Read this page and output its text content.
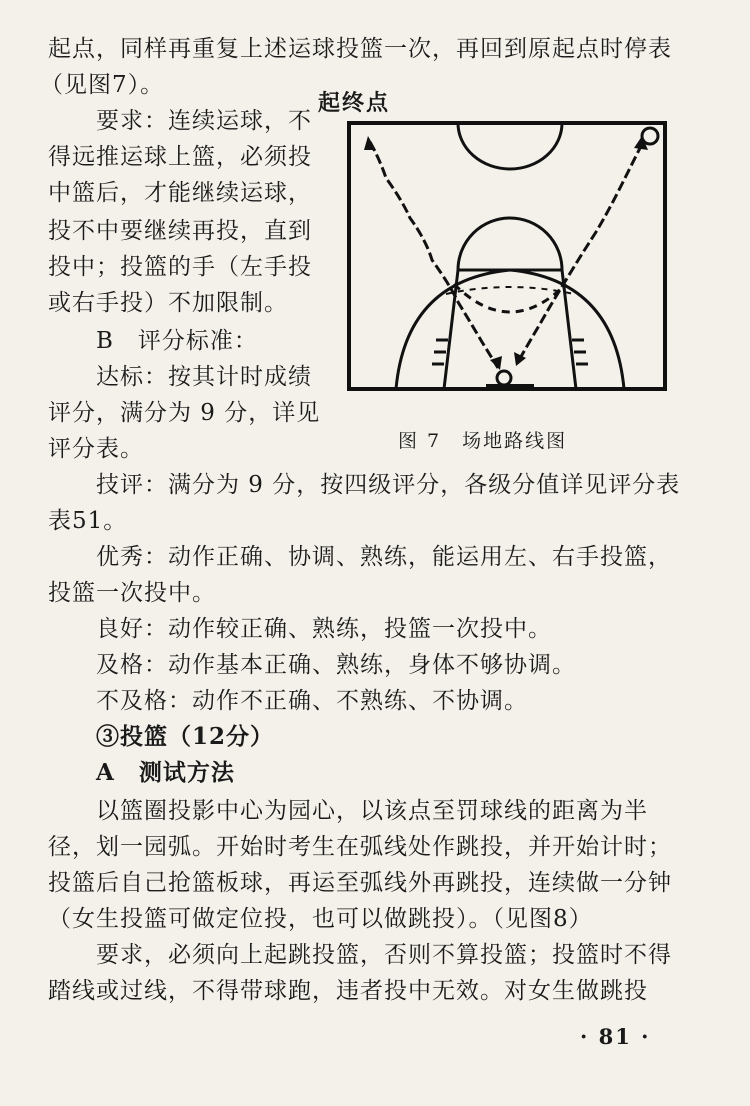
起点，同样再重复上述运球投篮一次，再回到原起点时停表
（见图7）。
起终点
要求：连续运球，不
得远推运球上篮，必须投
中篮后，才能继续运球，
投不中要继续再投，直到
投中；投篮的手（左手投
或右手投）不加限制。
B　评分标准：
达标：按其计时成绩
评分，满分为 9 分，详见
评分表。	图 7　场地路线图
技评：满分为 9 分，按四级评分，各级分值详见评分表
表51。
优秀：动作正确、协调、熟练，能运用左、右手投篮，
投篮一次投中。
良好：动作较正确、熟练，投篮一次投中。
及格：动作基本正确、熟练，身体不够协调。
不及格：动作不正确、不熟练、不协调。
③投篮（12分）
A　测试方法
以篮圈投影中心为园心，以该点至罚球线的距离为半
径，划一园弧。开始时考生在弧线处作跳投，并开始计时；
投篮后自己抢篮板球，再运至弧线外再跳投，连续做一分钟
（女生投篮可做定位投，也可以做跳投）。（见图8）
要求，必须向上起跳投篮，否则不算投篮；投篮时不得
踏线或过线，不得带球跑，违者投中无效。对女生做跳投
· 81 ·
